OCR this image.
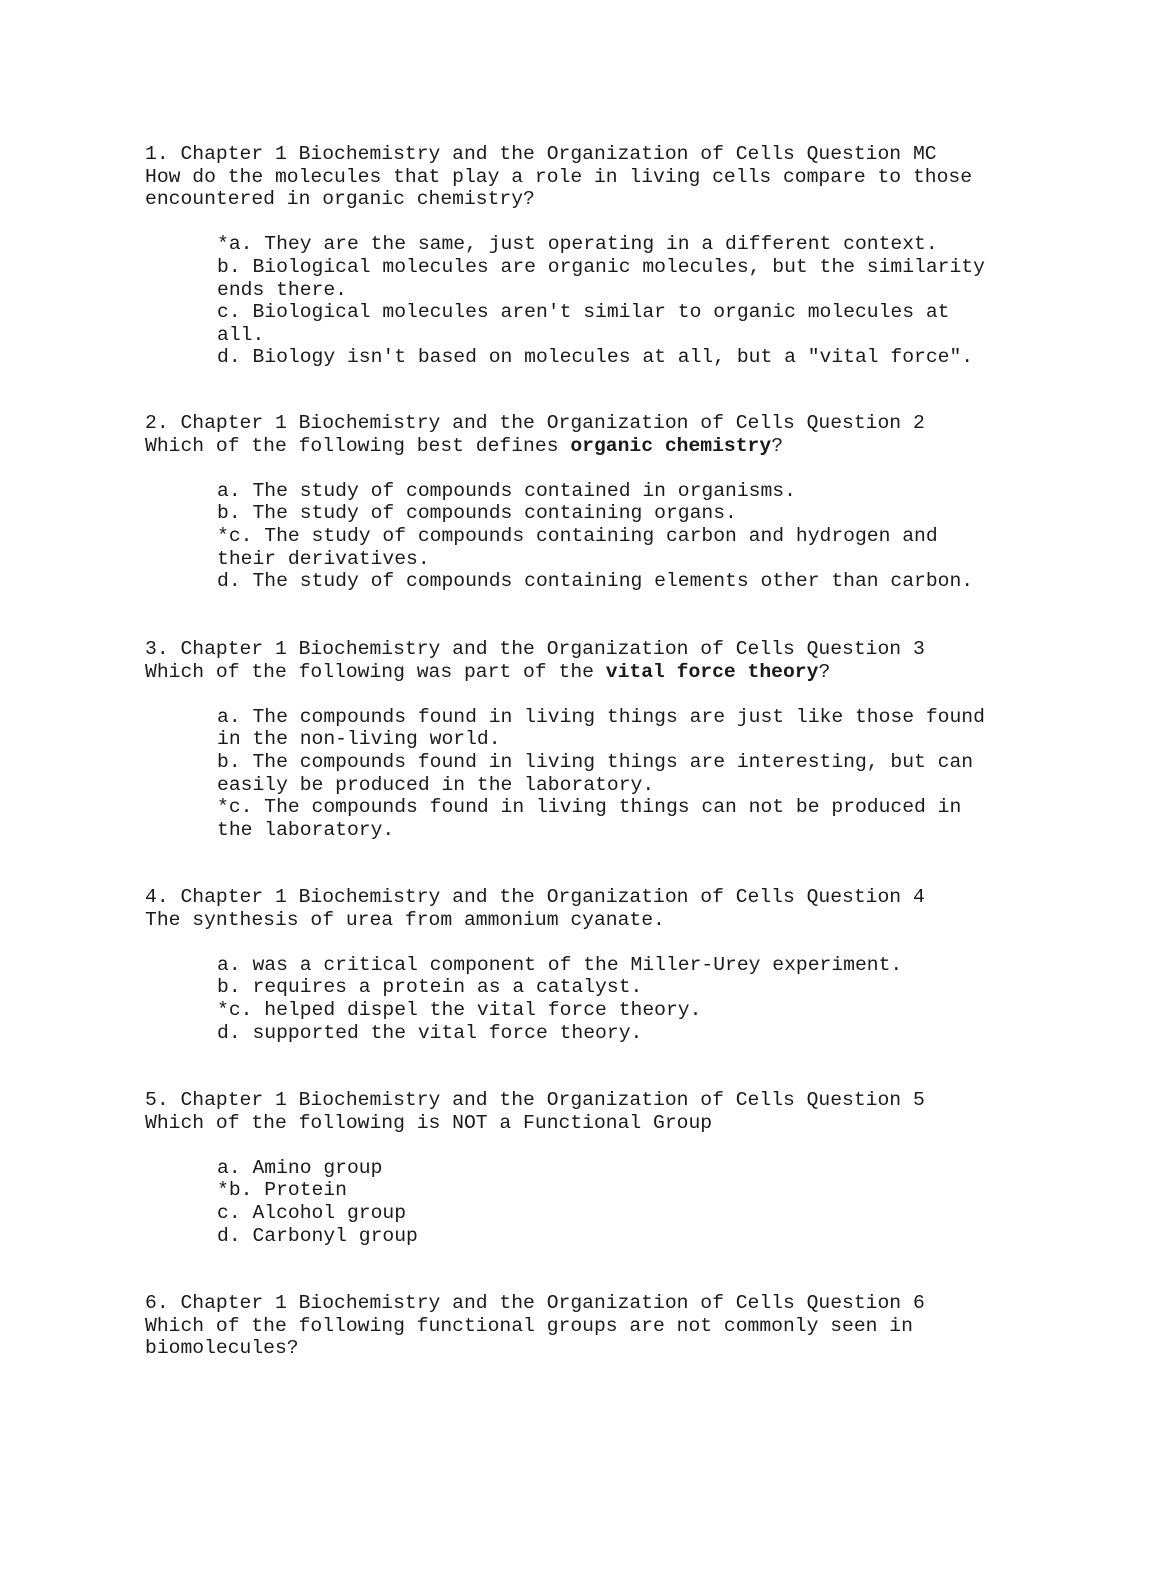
1. Chapter 1 Biochemistry and the Organization of Cells Question MC
How do the molecules that play a role in living cells compare to those
encountered in organic chemistry?
*a. They are the same, just operating in a different context.
b. Biological molecules are organic molecules, but the similarity
ends there.
c. Biological molecules aren't similar to organic molecules at
all.
d. Biology isn't based on molecules at all, but a "vital force".
2. Chapter 1 Biochemistry and the Organization of Cells Question 2
Which of the following best defines organic chemistry?
a. The study of compounds contained in organisms.
b. The study of compounds containing organs.
*c. The study of compounds containing carbon and hydrogen and
their derivatives.
d. The study of compounds containing elements other than carbon.
3. Chapter 1 Biochemistry and the Organization of Cells Question 3
Which of the following was part of the vital force theory?
a. The compounds found in living things are just like those found
in the non-living world.
b. The compounds found in living things are interesting, but can
easily be produced in the laboratory.
*c. The compounds found in living things can not be produced in
the laboratory.
4. Chapter 1 Biochemistry and the Organization of Cells Question 4
The synthesis of urea from ammonium cyanate.
a. was a critical component of the Miller-Urey experiment.
b. requires a protein as a catalyst.
*c. helped dispel the vital force theory.
d. supported the vital force theory.
5. Chapter 1 Biochemistry and the Organization of Cells Question 5
Which of the following is NOT a Functional Group
a. Amino group
*b. Protein
c. Alcohol group
d. Carbonyl group
6. Chapter 1 Biochemistry and the Organization of Cells Question 6
Which of the following functional groups are not commonly seen in
biomolecules?
